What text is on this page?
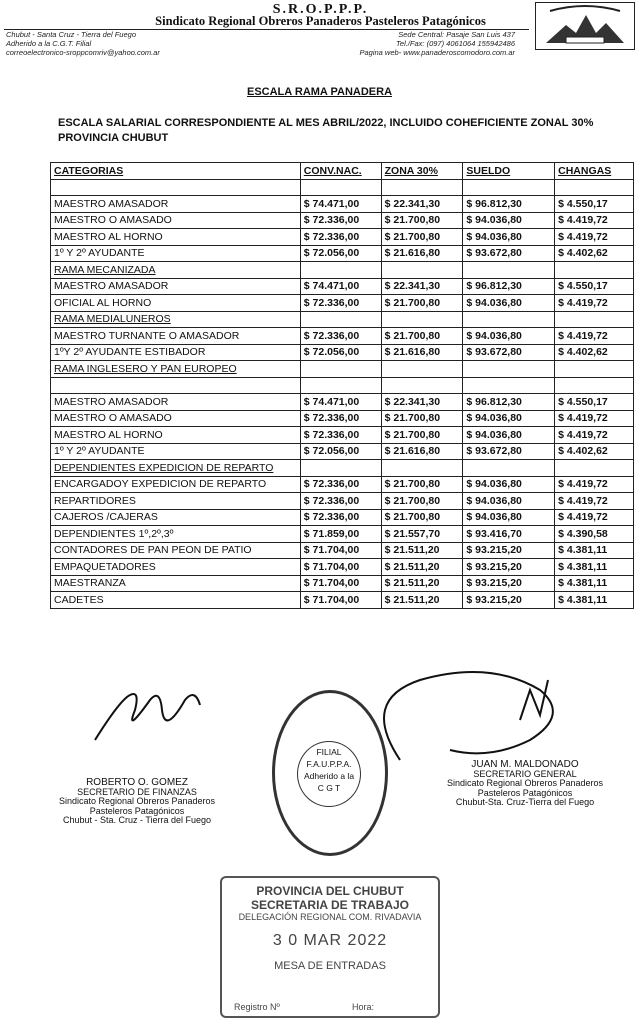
S.R.O.P.P.P.
Sindicato Regional Obreros Panaderos Pasteleros Patagónicos
Chubut - Santa Cruz - Tierra del Fuego
Adherido a la C.G.T. Filial
correoelectronico-sroppcomriv@yahoo.com.ar
Sede Central: Pasaje San Luis 437
Tel./Fax: (097) 4061064 155942486
Pagina web- www.panaderoscomodoro.com.ar
ESCALA RAMA PANADERA
ESCALA SALARIAL CORRESPONDIENTE AL MES ABRIL/2022, INCLUIDO COHEFICIENTE ZONAL 30%
PROVINCIA CHUBUT
CATEGORIAS	CONV.NAC.	ZONA 30%	SUELDO	CHANGAS

MAESTRO AMASADOR	$ 74.471,00	$ 22.341,30	$ 96.812,30	$ 4.550,17
MAESTRO O AMASADO	$ 72.336,00	$ 21.700,80	$ 94.036,80	$ 4.419,72
MAESTRO AL HORNO	$ 72.336,00	$ 21.700,80	$ 94.036,80	$ 4.419,72
1º Y 2º AYUDANTE	$ 72.056,00	$ 21.616,80	$ 93.672,80	$ 4.402,62
RAMA MECANIZADA				
MAESTRO AMASADOR	$ 74.471,00	$ 22.341,30	$ 96.812,30	$ 4.550,17
OFICIAL AL HORNO	$ 72.336,00	$ 21.700,80	$ 94.036,80	$ 4.419,72
RAMA MEDIALUNEROS				
MAESTRO TURNANTE O AMASADOR	$ 72.336,00	$ 21.700,80	$ 94.036,80	$ 4.419,72
1ºY 2º AYUDANTE ESTIBADOR	$ 72.056,00	$ 21.616,80	$ 93.672,80	$ 4.402,62
RAMA INGLESERO Y PAN EUROPEO				

MAESTRO AMASADOR	$ 74.471,00	$ 22.341,30	$ 96.812,30	$ 4.550,17
MAESTRO O AMASADO	$ 72.336,00	$ 21.700,80	$ 94.036,80	$ 4.419,72
MAESTRO AL HORNO	$ 72.336,00	$ 21.700,80	$ 94.036,80	$ 4.419,72
1º Y 2º AYUDANTE	$ 72.056,00	$ 21.616,80	$ 93.672,80	$ 4.402,62
DEPENDIENTES EXPEDICION DE REPARTO				
ENCARGADOY EXPEDICION DE REPARTO	$ 72.336,00	$ 21.700,80	$ 94.036,80	$ 4.419,72
REPARTIDORES	$ 72.336,00	$ 21.700,80	$ 94.036,80	$ 4.419,72
CAJEROS /CAJERAS	$ 72.336,00	$ 21.700,80	$ 94.036,80	$ 4.419,72
DEPENDIENTES 1º,2º,3º	$ 71.859,00	$ 21.557,70	$ 93.416,70	$ 4.390,58
CONTADORES DE PAN PEON DE PATIO	$ 71.704,00	$ 21.511,20	$ 93.215,20	$ 4.381,11
EMPAQUETADORES	$ 71.704,00	$ 21.511,20	$ 93.215,20	$ 4.381,11
MAESTRANZA	$ 71.704,00	$ 21.511,20	$ 93.215,20	$ 4.381,11
CADETES	$ 71.704,00	$ 21.511,20	$ 93.215,20	$ 4.381,11
ROBERTO O. GOMEZ
SECRETARIO DE FINANZAS
Sindicato Regional Obreros Panaderos
Pasteleros Patagónicos
Chubut - Sta. Cruz - Tierra del Fuego
JUAN M. MALDONADO
SECRETARIO GENERAL
Sindicato Regional Obreros Panaderos
Pasteleros Patagónicos
Chubut-Sta. Cruz-Tierra del Fuego
FILIAL
F.A.U.P.P.A.
Adherido a la
C G T
PROVINCIA DEL CHUBUT
SECRETARIA DE TRABAJO
DELEGACIÓN REGIONAL COM. RIVADAVIA
3 0 MAR 2022
MESA DE ENTRADAS
Registro Nº	Hora:
